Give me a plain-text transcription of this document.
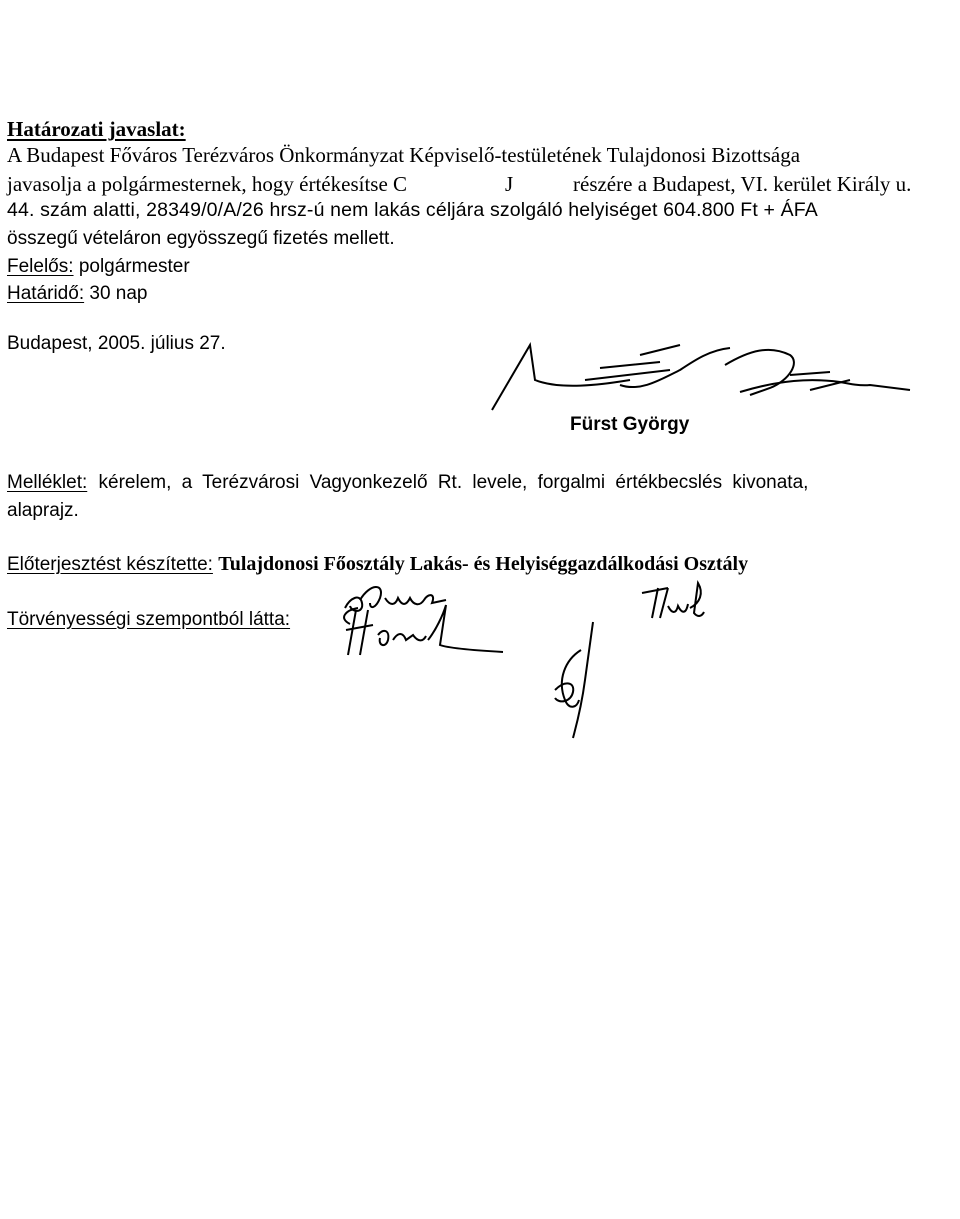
Határozati javaslat:
A Budapest Főváros Terézváros Önkormányzat Képviselő-testületének Tulajdonosi Bizottsága
javasolja a polgármesternek, hogy értékesítse C	J	részére a Budapest, VI. kerület Király u.
44. szám alatti, 28349/0/A/26 hrsz-ú nem lakás céljára szolgáló helyiséget 604.800 Ft + ÁFA
összegű vételáron egyösszegű fizetés mellett.
Felelős: polgármester
Határidő: 30 nap
Budapest, 2005. július 27.
Fürst György
Melléklet: kérelem, a Terézvárosi Vagyonkezelő Rt. levele, forgalmi értékbecslés kivonata,
alaprajz.
Előterjesztést készítette: Tulajdonosi Főosztály Lakás- és Helyiséggazdálkodási Osztály
Törvényességi szempontból látta:
